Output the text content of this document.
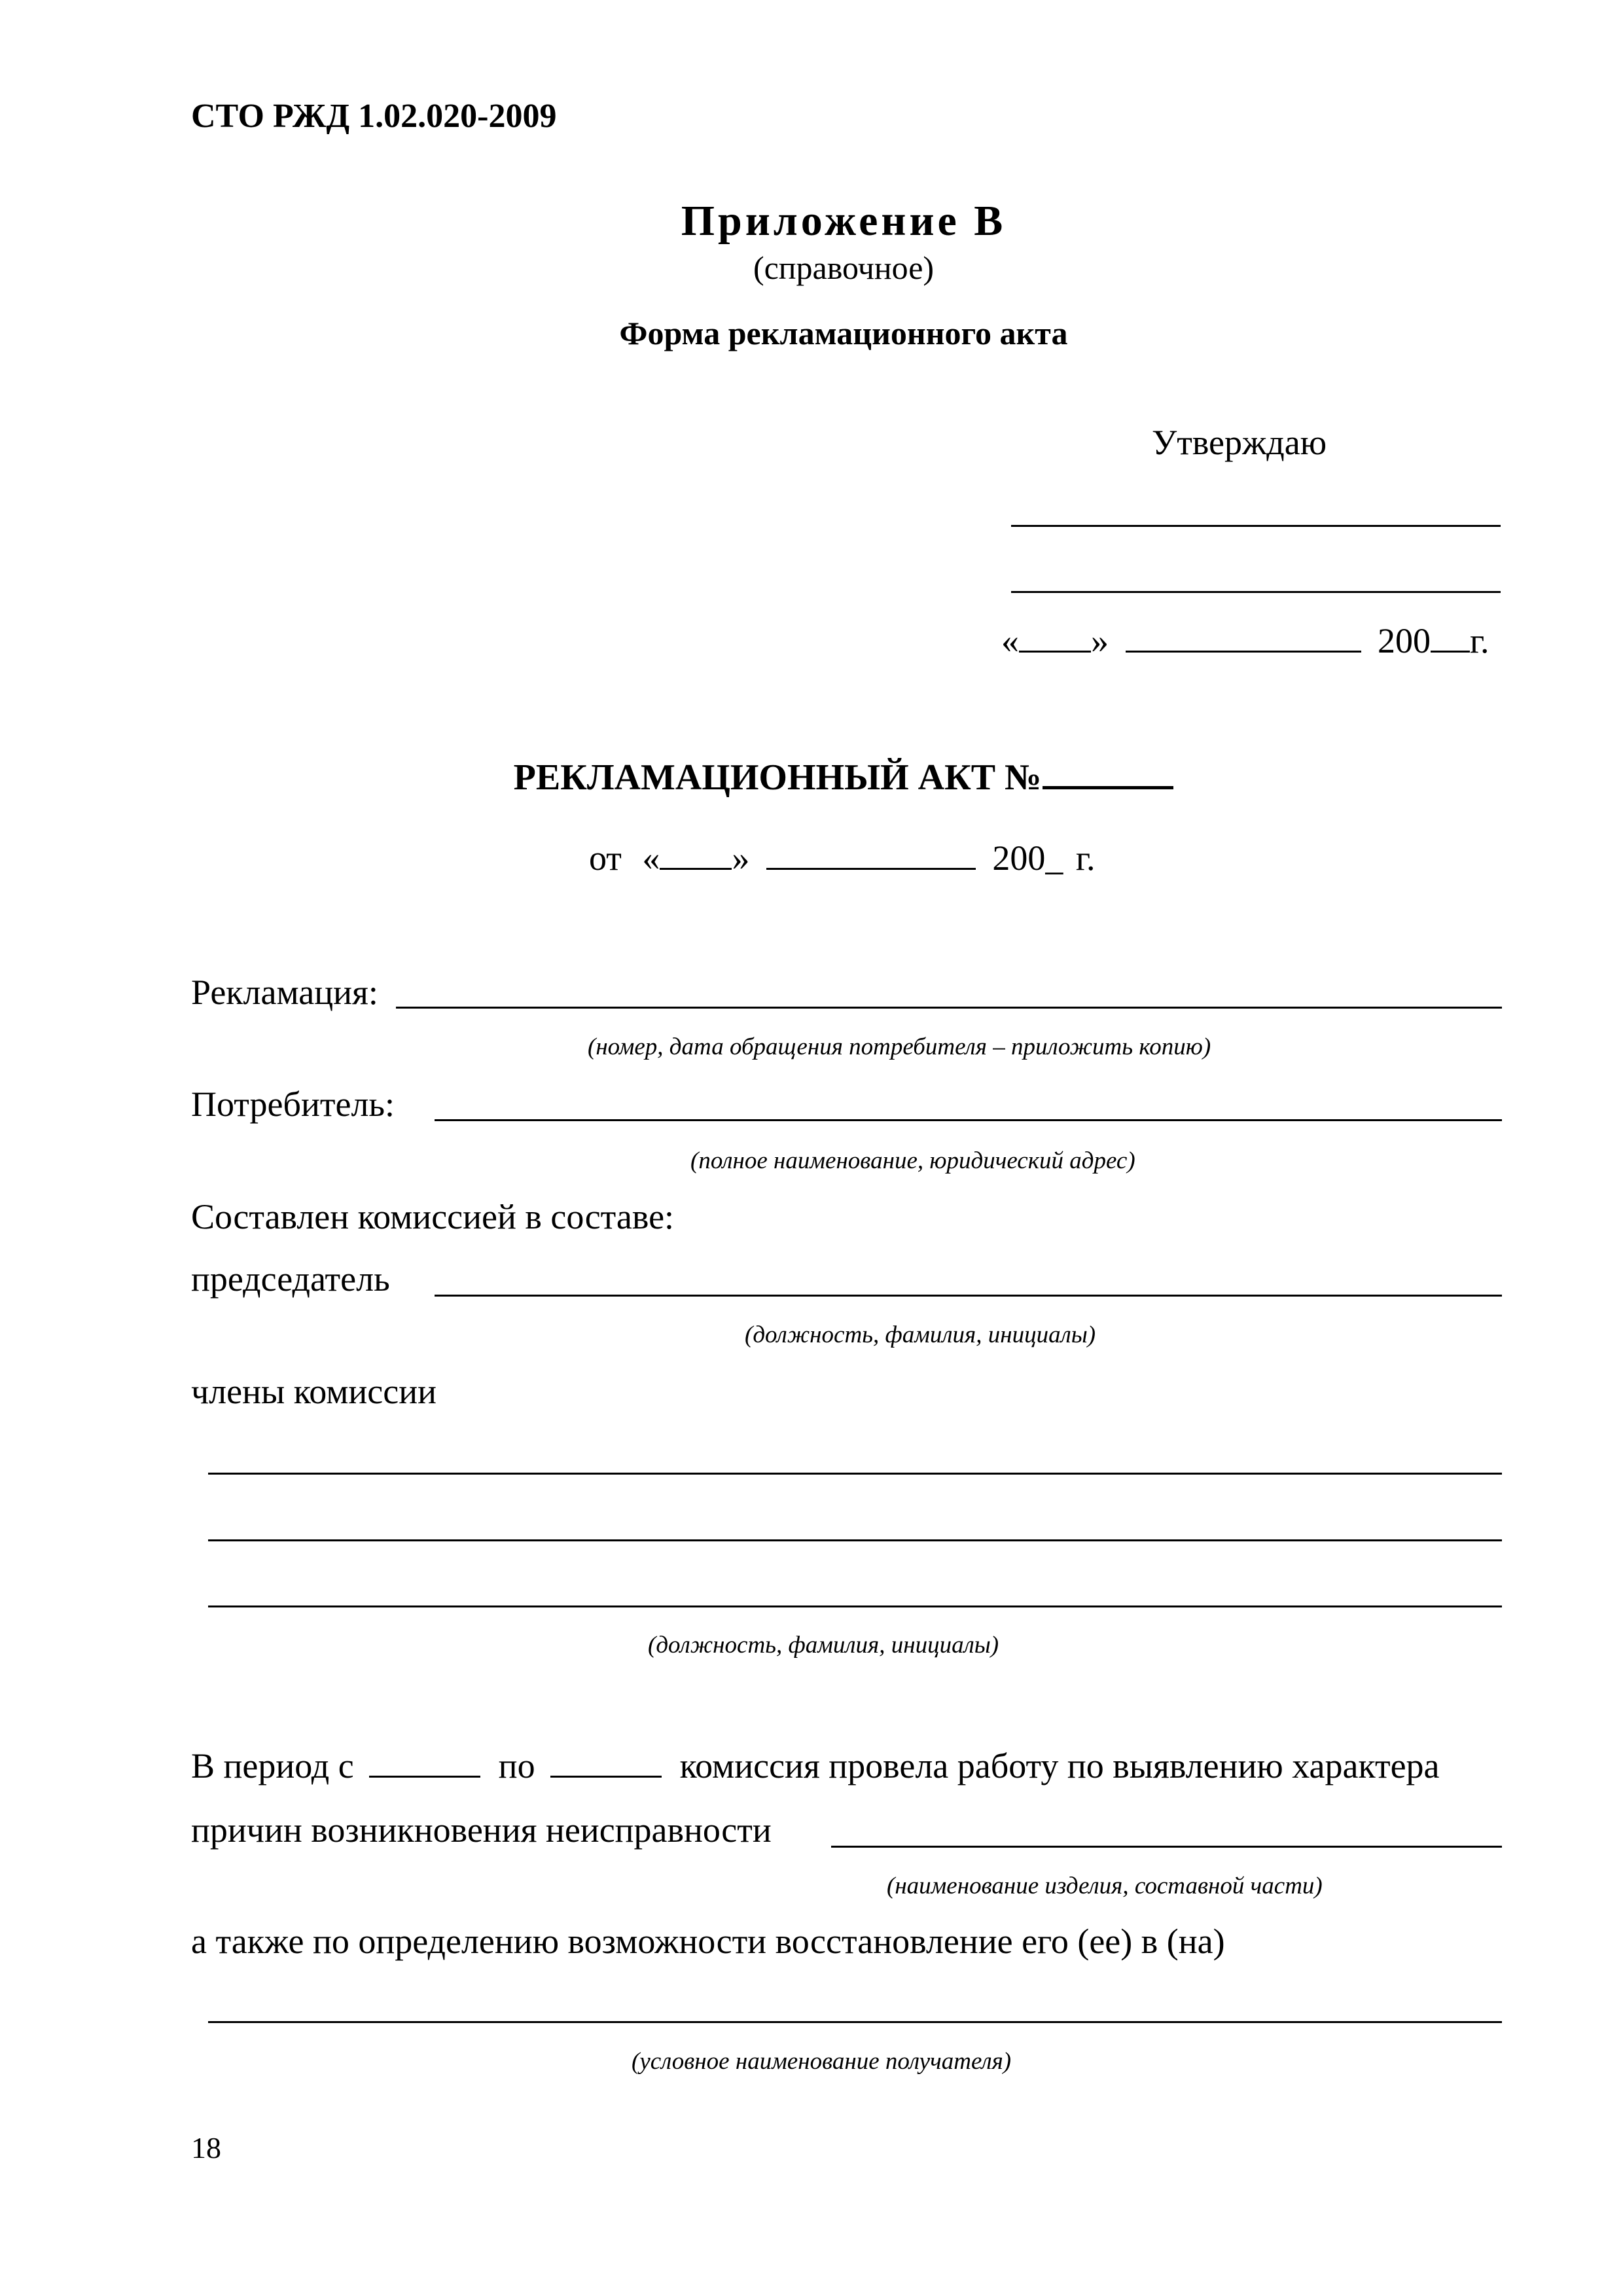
СТО РЖД 1.02.020-2009
Приложение В
(справочное)
Форма рекламационного акта
Утверждаю
« »	200 г.
РЕКЛАМАЦИОННЫЙ АКТ №
от « »	200_ г.
Рекламация:
(номер, дата обращения потребителя – приложить копию)
Потребитель:
(полное наименование, юридический адрес)
Составлен комиссией в составе:
председатель
(должность, фамилия, инициалы)
члены комиссии
(должность, фамилия, инициалы)
В период с	по	комиссия провела работу по выявлению характера
причин возникновения неисправности
(наименование изделия, составной части)
а также по определению возможности восстановление его (ее) в (на)
(условное наименование получателя)
18
